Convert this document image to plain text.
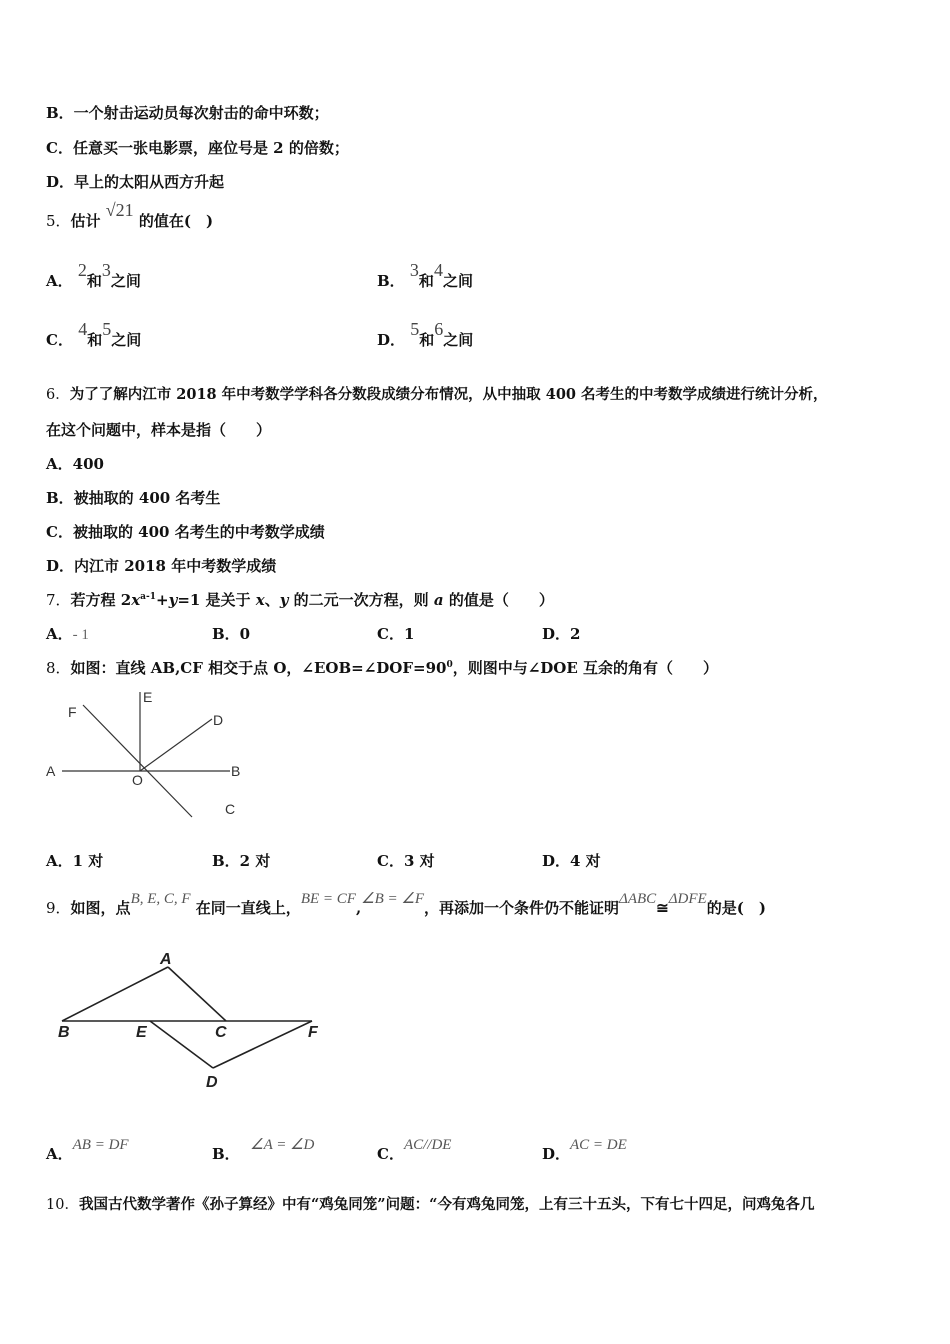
B．一个射击运动员每次射击的命中环数；
C．任意买一张电影票，座位号是 2 的倍数；
D．早上的太阳从西方升起
5．估计 √21 的值在(　)
A． 2和3之间	B． 3和4之间
C． 4和5之间	D． 5和6之间
6．为了了解内江市 2018 年中考数学学科各分数段成绩分布情况，从中抽取 400 名考生的中考数学成绩进行统计分析，
在这个问题中，样本是指（　　）
A．400
B．被抽取的 400 名考生
C．被抽取的 400 名考生的中考数学成绩
D．内江市 2018 年中考数学成绩
7．若方程 $2x^{a-1}+y=1$ 是关于 x、y 的二元一次方程，则 a 的值是（　　）
A．- 1	B．0	C．1	D．2
8．如图：直线 AB,CF 相交于点 O，$\angle EOB=\angle DOF=90^0$，则图中与∠DOE 互余的角有（　　）
F
E
D
A
O
B
C
A．1 对	B．2 对	C．3 对	D．4 对
9．如图，点B, E, C, F 在同一直线上，BE = CF,∠B = ∠F，再添加一个条件仍不能证明ΔABC≅ΔDFE的是(　)
A
B	E	C	F
D
A．AB = DF	B． ∠A = ∠D	C．AC//DE	D．AC = DE
10．我国古代数学著作《孙子算经》中有“鸡兔同笼”问题：“今有鸡兔同笼，上有三十五头，下有七十四足，问鸡兔各几
